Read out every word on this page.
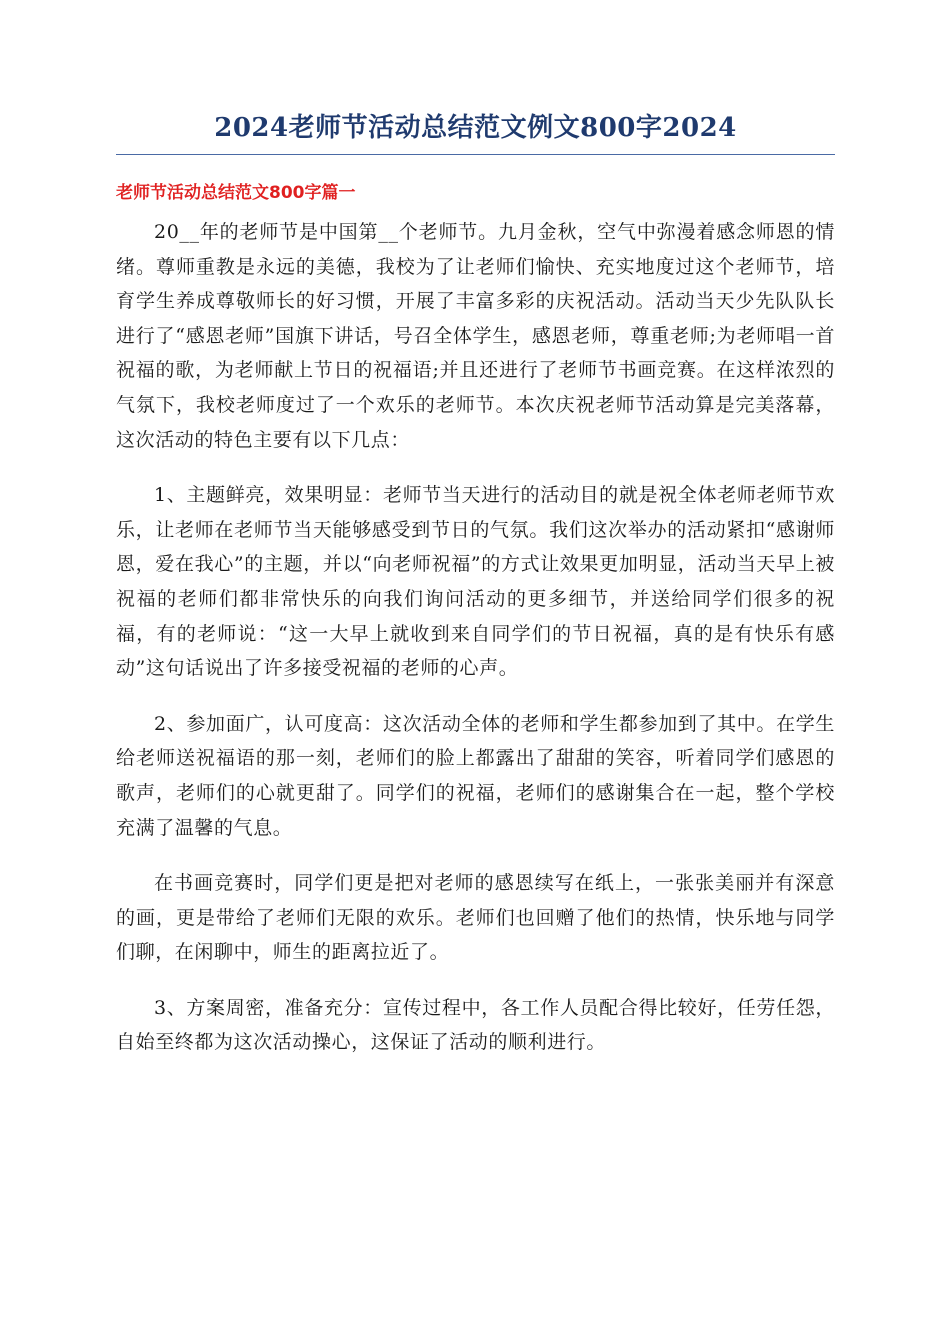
2024老师节活动总结范文例文800字2024
老师节活动总结范文800字篇一

20__年的老师节是中国第__个老师节。九月金秋，空气中弥漫着感念师恩的情绪。尊师重教是永远的美德，我校为了让老师们愉快、充实地度过这个老师节，培育学生养成尊敬师长的好习惯，开展了丰富多彩的庆祝活动。活动当天少先队队长进行了“感恩老师”国旗下讲话，号召全体学生，感恩老师，尊重老师;为老师唱一首祝福的歌，为老师献上节日的祝福语;并且还进行了老师节书画竞赛。在这样浓烈的气氛下，我校老师度过了一个欢乐的老师节。本次庆祝老师节活动算是完美落幕，这次活动的特色主要有以下几点：

1、主题鲜亮，效果明显：老师节当天进行的活动目的就是祝全体老师老师节欢乐，让老师在老师节当天能够感受到节日的气氛。我们这次举办的活动紧扣“感谢师恩，爱在我心”的主题，并以“向老师祝福”的方式让效果更加明显，活动当天早上被祝福的老师们都非常快乐的向我们询问活动的更多细节，并送给同学们很多的祝福，有的老师说：“这一大早上就收到来自同学们的节日祝福，真的是有快乐有感动”这句话说出了许多接受祝福的老师的心声。

2、参加面广，认可度高：这次活动全体的老师和学生都参加到了其中。在学生给老师送祝福语的那一刻，老师们的脸上都露出了甜甜的笑容，听着同学们感恩的歌声，老师们的心就更甜了。同学们的祝福，老师们的感谢集合在一起，整个学校充满了温馨的气息。

在书画竞赛时，同学们更是把对老师的感恩续写在纸上，一张张美丽并有深意的画，更是带给了老师们无限的欢乐。老师们也回赠了他们的热情，快乐地与同学们聊，在闲聊中，师生的距离拉近了。

3、方案周密，准备充分：宣传过程中，各工作人员配合得比较好，任劳任怨，自始至终都为这次活动操心，这保证了活动的顺利进行。
